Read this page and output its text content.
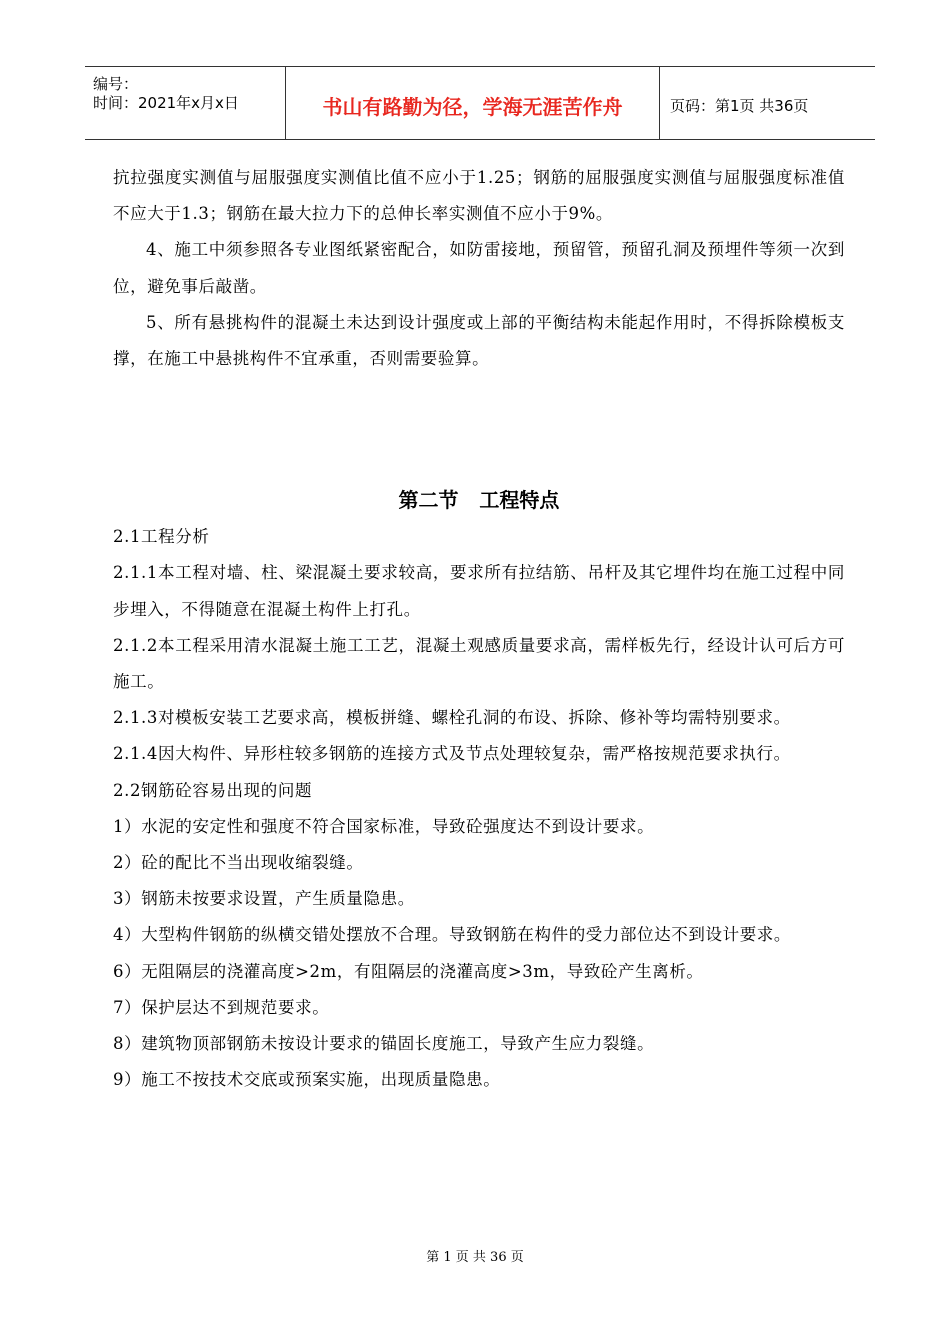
编号：
时间：2021年x月x日	书山有路勤为径，学海无涯苦作舟	页码：第1页 共36页

抗拉强度实测值与屈服强度实测值比值不应小于1.25；钢筋的屈服强度实测值与屈服强度标准值不应大于1.3；钢筋在最大拉力下的总伸长率实测值不应小于9%。

4、施工中须参照各专业图纸紧密配合，如防雷接地，预留管，预留孔洞及预埋件等须一次到位，避免事后敲凿。

5、所有悬挑构件的混凝土未达到设计强度或上部的平衡结构未能起作用时，不得拆除模板支撑，在施工中悬挑构件不宜承重，否则需要验算。

第二节   工程特点

2.1工程分析

2.1.1本工程对墙、柱、梁混凝土要求较高，要求所有拉结筋、吊杆及其它埋件均在施工过程中同步埋入，不得随意在混凝土构件上打孔。

2.1.2本工程采用清水混凝土施工工艺，混凝土观感质量要求高，需样板先行，经设计认可后方可施工。

2.1.3对模板安装工艺要求高，模板拼缝、螺栓孔洞的布设、拆除、修补等均需特别要求。

2.1.4因大构件、异形柱较多钢筋的连接方式及节点处理较复杂，需严格按规范要求执行。

2.2钢筋砼容易出现的问题

1）水泥的安定性和强度不符合国家标准，导致砼强度达不到设计要求。

2）砼的配比不当出现收缩裂缝。

3）钢筋未按要求设置，产生质量隐患。

4）大型构件钢筋的纵横交错处摆放不合理。导致钢筋在构件的受力部位达不到设计要求。

6）无阻隔层的浇灌高度>2m，有阻隔层的浇灌高度>3m，导致砼产生离析。

7）保护层达不到规范要求。

8）建筑物顶部钢筋未按设计要求的锚固长度施工，导致产生应力裂缝。

9）施工不按技术交底或预案实施，出现质量隐患。

第 1 页 共 36 页
